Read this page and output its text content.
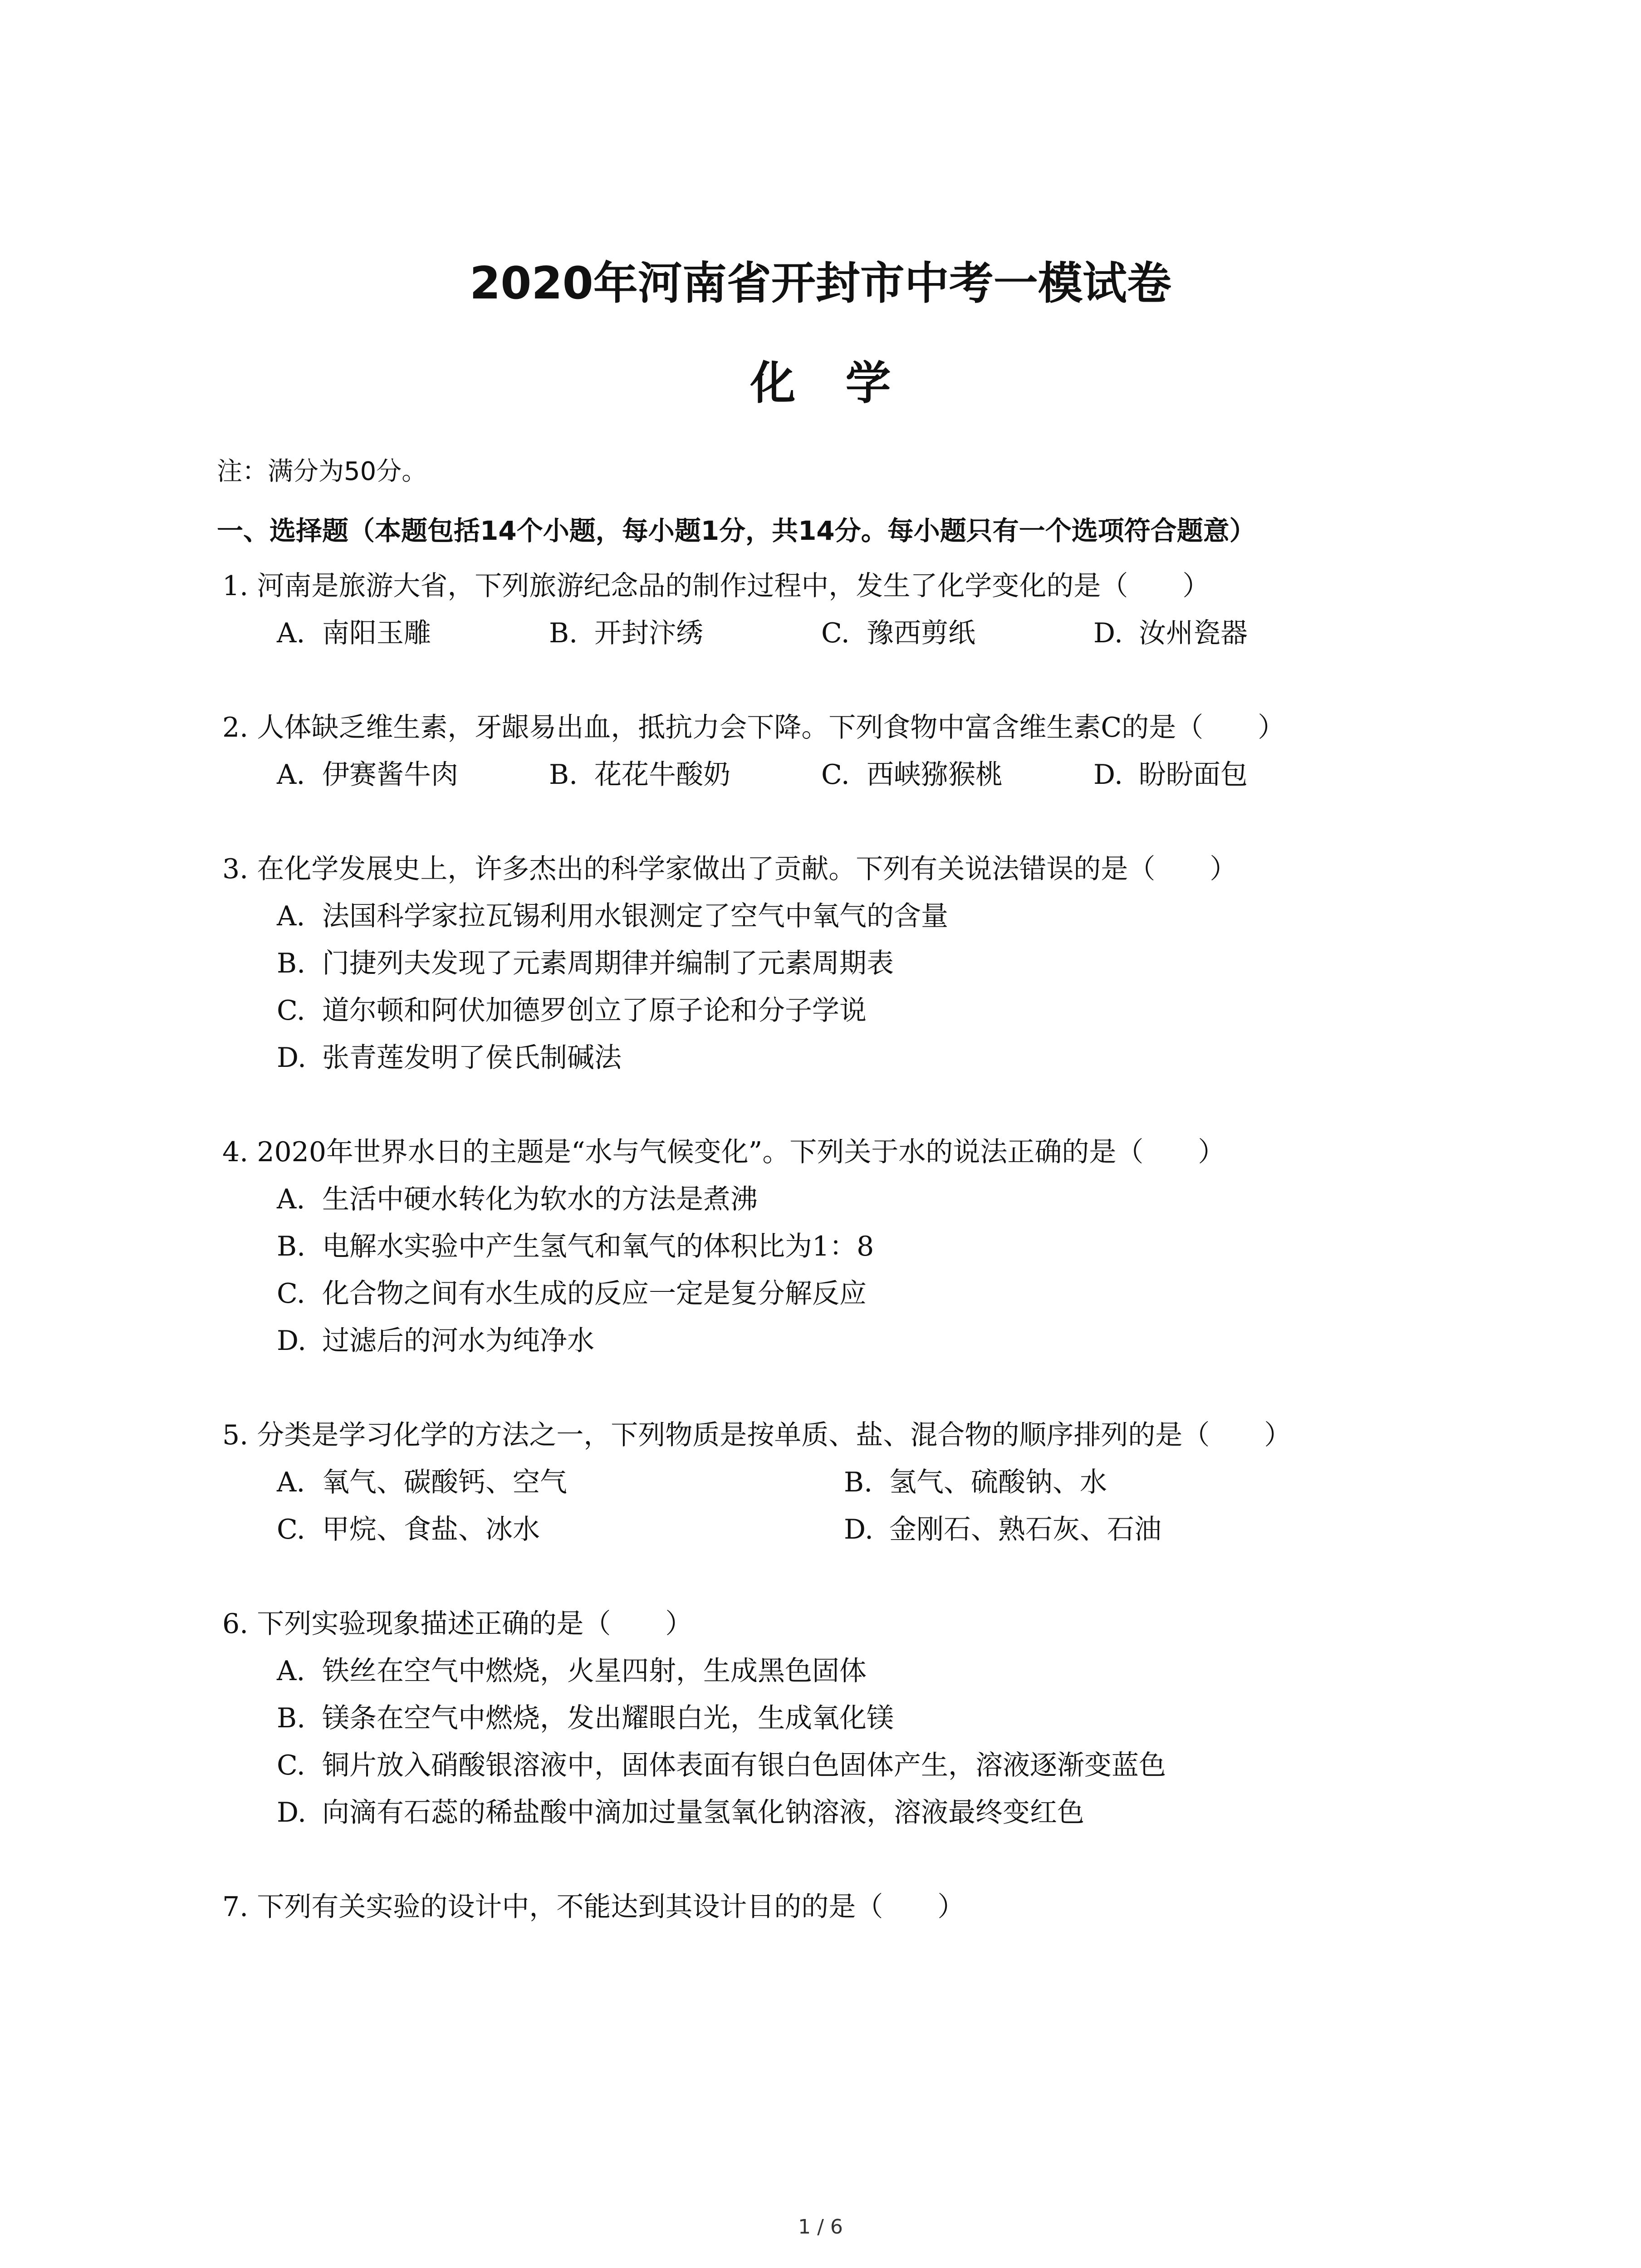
2020年河南省开封市中考一模试卷
化学
注：满分为50分。
一、选择题（本题包括14个小题，每小题1分，共14分。每小题只有一个选项符合题意）
1. 河南是旅游大省，下列旅游纪念品的制作过程中，发生了化学变化的是（　　）
A. 南阳玉雕	B. 开封汴绣	C. 豫西剪纸	D. 汝州瓷器
2. 人体缺乏维生素，牙龈易出血，抵抗力会下降。下列食物中富含维生素C的是（　　）
A. 伊赛酱牛肉	B. 花花牛酸奶	C. 西峡猕猴桃	D. 盼盼面包
3. 在化学发展史上，许多杰出的科学家做出了贡献。下列有关说法错误的是（　　）
A. 法国科学家拉瓦锡利用水银测定了空气中氧气的含量
B. 门捷列夫发现了元素周期律并编制了元素周期表
C. 道尔顿和阿伏加德罗创立了原子论和分子学说
D. 张青莲发明了侯氏制碱法
4. 2020年世界水日的主题是“水与气候变化”。下列关于水的说法正确的是（　　）
A. 生活中硬水转化为软水的方法是煮沸
B. 电解水实验中产生氢气和氧气的体积比为1：8
C. 化合物之间有水生成的反应一定是复分解反应
D. 过滤后的河水为纯净水
5. 分类是学习化学的方法之一，下列物质是按单质、盐、混合物的顺序排列的是（　　）
A. 氧气、碳酸钙、空气	B. 氢气、硫酸钠、水
C. 甲烷、食盐、冰水	D. 金刚石、熟石灰、石油
6. 下列实验现象描述正确的是（　　）
A. 铁丝在空气中燃烧，火星四射，生成黑色固体
B. 镁条在空气中燃烧，发出耀眼白光，生成氧化镁
C. 铜片放入硝酸银溶液中，固体表面有银白色固体产生，溶液逐渐变蓝色
D. 向滴有石蕊的稀盐酸中滴加过量氢氧化钠溶液，溶液最终变红色
7. 下列有关实验的设计中，不能达到其设计目的的是（　　）
1 / 6
